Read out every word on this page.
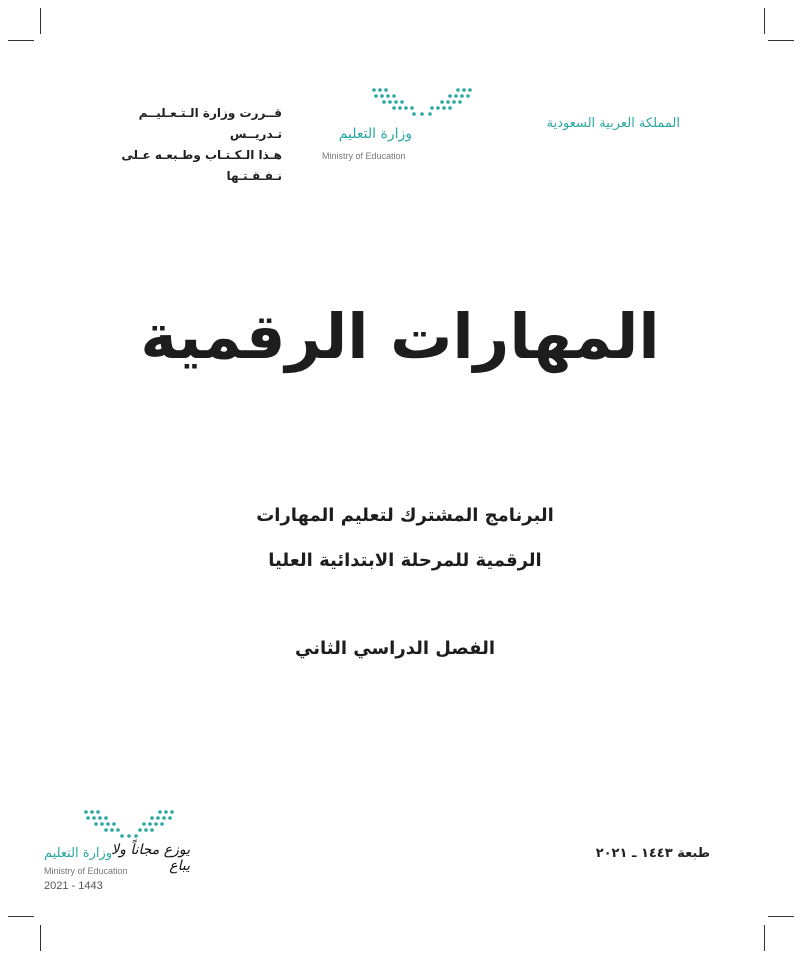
المملكة العربية السعودية
وزارة التعليم
Ministry of Education
قــررت وزارة الـتـعـليــم تـدريــس
هـذا الـكـتـاب وطـبعـه عـلى نـفـقـتـها
المهارات الرقمية
البرنامج المشترك لتعليم المهارات
الرقمية للمرحلة الابتدائية العليا
الفصل الدراسي الثاني
طبعة ١٤٤٣ ـ ٢٠٢١
وزارة التعليم يوزع مجاناً ولا يباع
Ministry of Education
2021 - 1443
